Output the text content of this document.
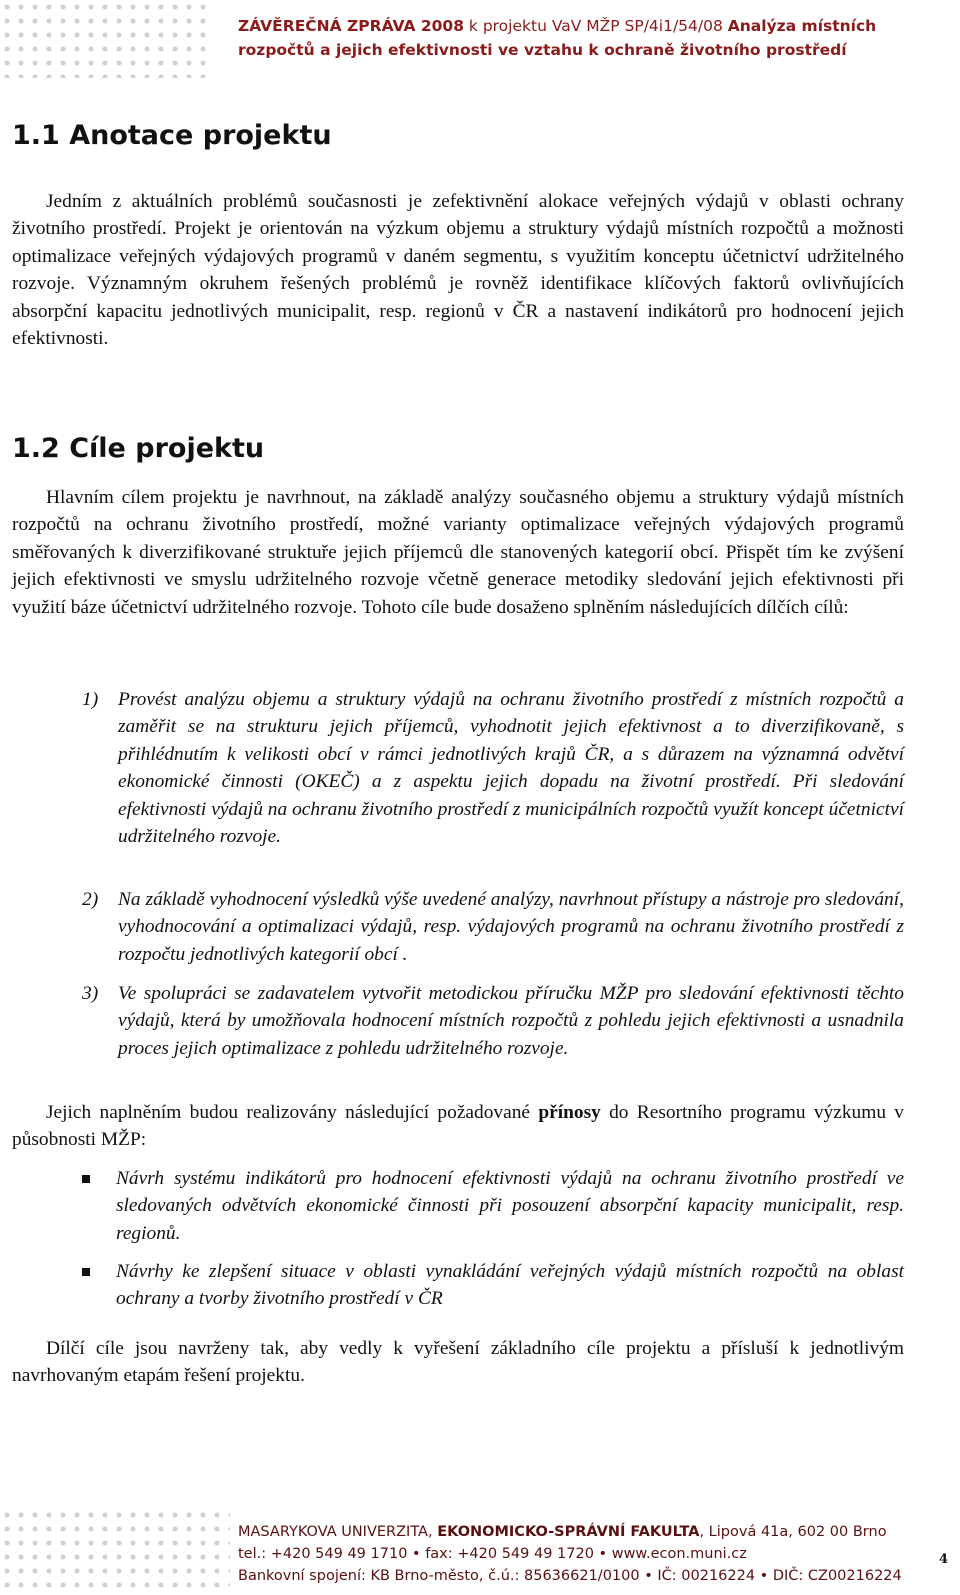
ZÁVĚREČNÁ ZPRÁVA 2008 k projektu VaV MŽP SP/4i1/54/08 Analýza místních
rozpočtů a jejich efektivnosti ve vztahu k ochraně životního prostředí
1.1 Anotace projektu

Jedním z aktuálních problémů současnosti je zefektivnění alokace veřejných výdajů v oblasti ochrany životního prostředí. Projekt je orientován na výzkum objemu a struktury výdajů místních rozpočtů a možnosti optimalizace veřejných výdajových programů v daném segmentu, s využitím konceptu účetnictví udržitelného rozvoje. Významným okruhem řešených problémů je rovněž identifikace klíčových faktorů ovlivňujících absorpční kapacitu jednotlivých municipalit, resp. regionů v ČR a nastavení indikátorů pro hodnocení jejich efektivnosti.

1.2 Cíle projektu

Hlavním cílem projektu je navrhnout, na základě analýzy současného objemu a struktury výdajů místních rozpočtů na ochranu životního prostředí, možné varianty optimalizace veřejných výdajových programů směřovaných k diverzifikované struktuře jejich příjemců dle stanovených kategorií obcí. Přispět tím ke zvýšení jejich efektivnosti ve smyslu udržitelného rozvoje včetně generace metodiky sledování jejich efektivnosti při využití báze účetnictví udržitelného rozvoje. Tohoto cíle bude dosaženo splněním následujících dílčích cílů:

1) Provést analýzu objemu a struktury výdajů na ochranu životního prostředí z místních rozpočtů a zaměřit se na strukturu jejich příjemců, vyhodnotit jejich efektivnost a to diverzifikovaně, s přihlédnutím k velikosti obcí v rámci jednotlivých krajů ČR, a s důrazem na významná odvětví ekonomické činnosti (OKEČ) a z aspektu jejich dopadu na životní prostředí. Při sledování efektivnosti výdajů na ochranu životního prostředí z municipálních rozpočtů využít koncept účetnictví udržitelného rozvoje.

2) Na základě vyhodnocení výsledků výše uvedené analýzy, navrhnout přístupy a nástroje pro sledování, vyhodnocování a optimalizaci výdajů, resp. výdajových programů na ochranu životního prostředí z rozpočtu jednotlivých kategorií obcí .

3) Ve spolupráci se zadavatelem vytvořit metodickou příručku MŽP pro sledování efektivnosti těchto výdajů, která by umožňovala hodnocení místních rozpočtů z pohledu jejich efektivnosti a usnadnila proces jejich optimalizace z pohledu udržitelného rozvoje.

Jejich naplněním budou realizovány následující požadované přínosy do Resortního programu výzkumu v působnosti MŽP:

Návrh systému indikátorů pro hodnocení efektivnosti výdajů na ochranu životního prostředí ve sledovaných odvětvích ekonomické činnosti při posouzení absorpční kapacity municipalit, resp. regionů.

Návrhy ke zlepšení situace v oblasti vynakládání veřejných výdajů místních rozpočtů na oblast ochrany a tvorby životního prostředí v ČR

Dílčí cíle jsou navrženy tak, aby vedly k vyřešení základního cíle projektu a přísluší k jednotlivým navrhovaným etapám řešení projektu.

MASARYKOVA UNIVERZITA, EKONOMICKO-SPRÁVNÍ FAKULTA, Lipová 41a, 602 00 Brno
tel.: +420 549 49 1710 • fax: +420 549 49 1720 • www.econ.muni.cz
Bankovní spojení: KB Brno-město, č.ú.: 85636621/0100 • IČ: 00216224 • DIČ: CZ00216224
4
